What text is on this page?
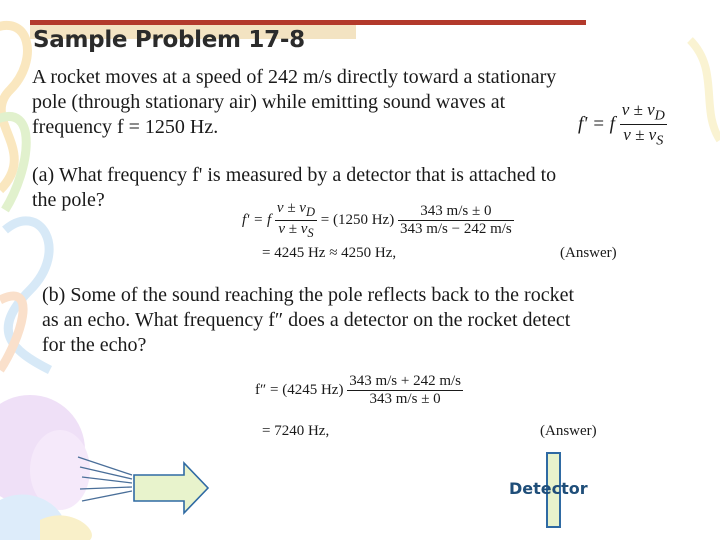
Sample Problem 17-8
A rocket moves at a speed of 242 m/s directly toward a stationary pole (through stationary air) while emitting sound waves at frequency f = 1250 Hz.	f' = f $\frac{v \pm v_D}{v \pm v_S}$
(a) What frequency f' is measured by a detector that is attached to the pole?
f' = f $\frac{v \pm v_D}{v \pm v_S} = (1250$ $Hz) \frac{343 m/s \pm 0}{343 m/s - 242 m/s}$
= 4245 Hz ≈ 4250 Hz,	(Answer)
(b) Some of the sound reaching the pole reflects back to the rocket as an echo. What frequency f″ does a detector on the rocket detect for the echo?
f″ = (4245 $Hz) \frac{343 m/s + 242 m/s}{343 m/s \pm 0}$
= 7240 Hz,	(Answer)
Detector
